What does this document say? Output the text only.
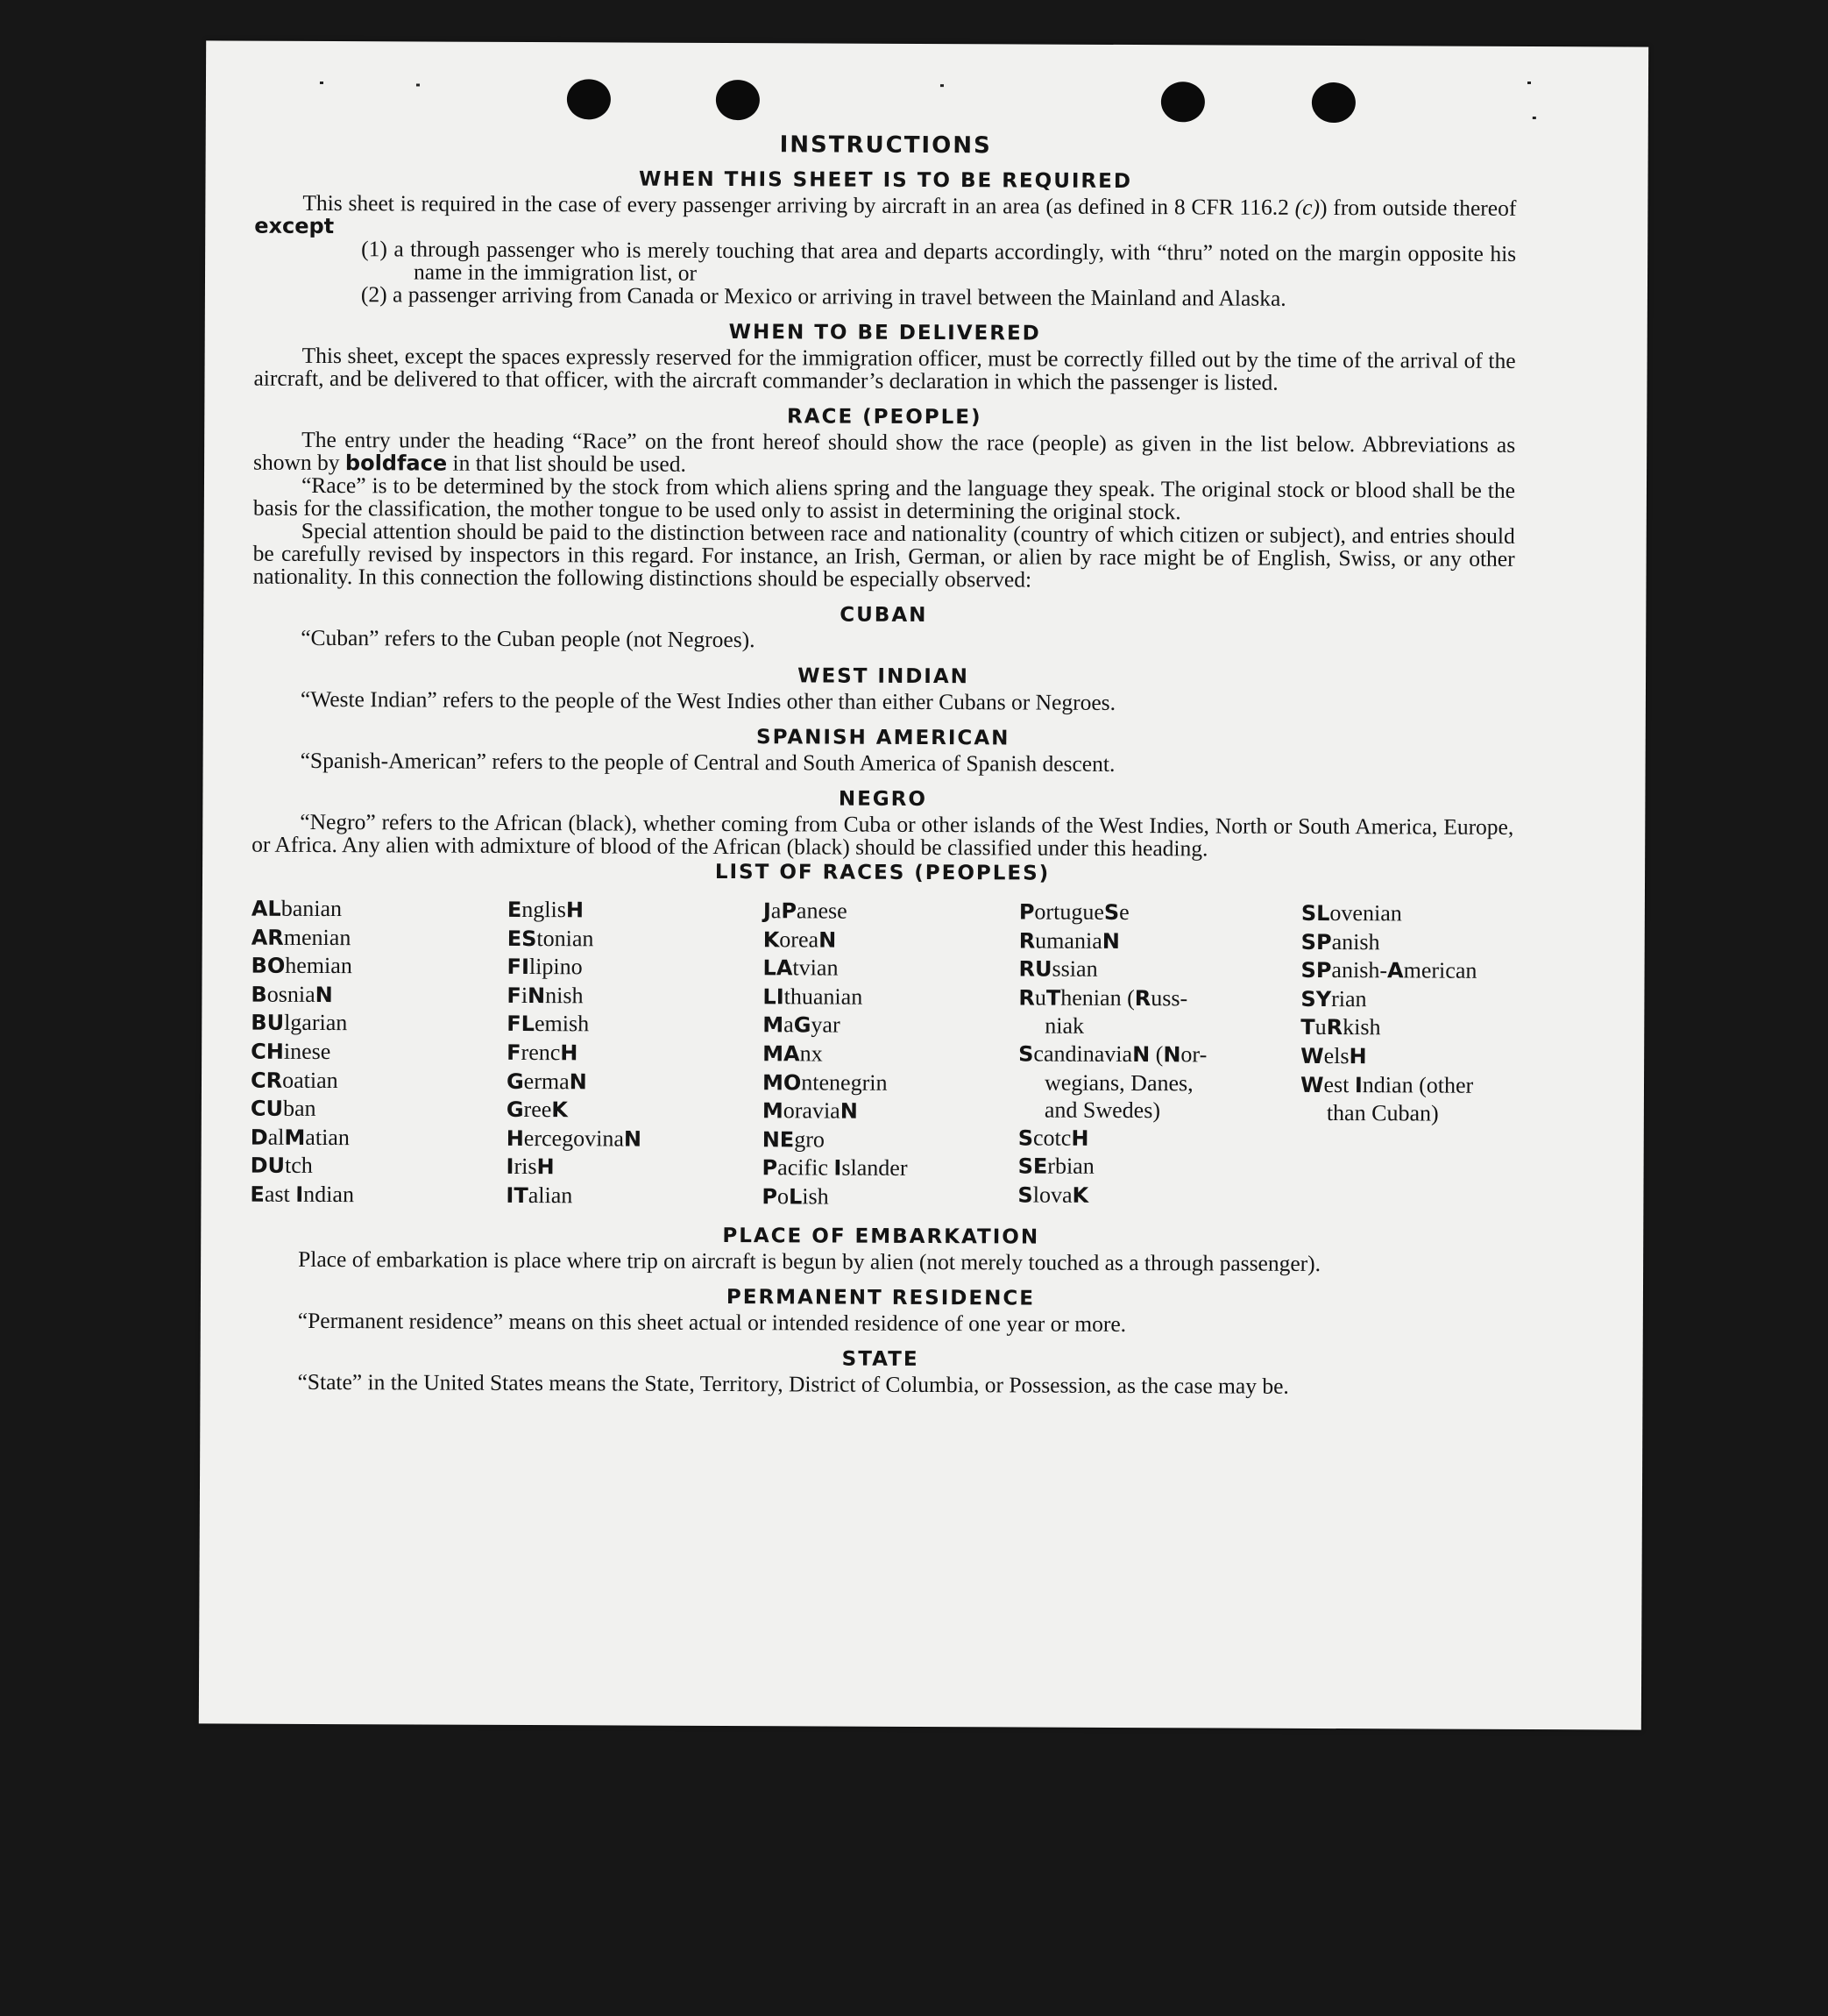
INSTRUCTIONS
WHEN THIS SHEET IS TO BE REQUIRED

This sheet is required in the case of every passenger arriving by aircraft in an area (as defined in 8 CFR 116.2 (c)) from outside thereof except

(1) a through passenger who is merely touching that area and departs accordingly, with “thru” noted on the margin opposite his name in the immigration list, or

(2) a passenger arriving from Canada or Mexico or arriving in travel between the Mainland and Alaska.

WHEN TO BE DELIVERED

This sheet, except the spaces expressly reserved for the immigration officer, must be correctly filled out by the time of the arrival of the aircraft, and be delivered to that officer, with the aircraft commander’s declaration in which the passenger is listed.

RACE (PEOPLE)

The entry under the heading “Race” on the front hereof should show the race (people) as given in the list below. Abbreviations as shown by boldface in that list should be used.

“Race” is to be determined by the stock from which aliens spring and the language they speak. The original stock or blood shall be the basis for the classification, the mother tongue to be used only to assist in determining the original stock.

Special attention should be paid to the distinction between race and nationality (country of which citizen or subject), and entries should be carefully revised by inspectors in this regard. For instance, an Irish, German, or alien by race might be of English, Swiss, or any other nationality. In this connection the following distinctions should be especially observed:

CUBAN

“Cuban” refers to the Cuban people (not Negroes).

WEST INDIAN

“Weste Indian” refers to the people of the West Indies other than either Cubans or Negroes.

SPANISH AMERICAN

“Spanish-American” refers to the people of Central and South America of Spanish descent.

NEGRO

“Negro” refers to the African (black), whether coming from Cuba or other islands of the West Indies, North or South America, Europe, or Africa. Any alien with admixture of blood of the African (black) should be classified under this heading.

LIST OF RACES (PEOPLES)
ALbanian
ARmenian
BOhemian
BosniaN
BUlgarian
CHinese
CRoatian
CUban
DalMatian
DUtch
East Indian
EnglisH
EStonian
FIlipino
FiNnish
FLemish
FrencH
GermaN
GreeK
HercegovinaN
IrisH
ITalian
JaPanese
KoreaN
LAtvian
LIthuanian
MaGyar
MAnx
MOntenegrin
MoraviaN
NEgro
Pacific Islander
PoLish
PortugueSe
RumaniaN
RUssian
RuThenian (Russ-
niak
ScandinaviaN (Nor-
wegians, Danes,
and Swedes)
ScotcH
SErbian
SlovaK
SLovenian
SPanish
SPanish-American
SYrian
TuRkish
WelsH
West Indian (other
than Cuban)
PLACE OF EMBARKATION

Place of embarkation is place where trip on aircraft is begun by alien (not merely touched as a through passenger).

PERMANENT RESIDENCE

“Permanent residence” means on this sheet actual or intended residence of one year or more.

STATE

“State” in the United States means the State, Territory, District of Columbia, or Possession, as the case may be.
